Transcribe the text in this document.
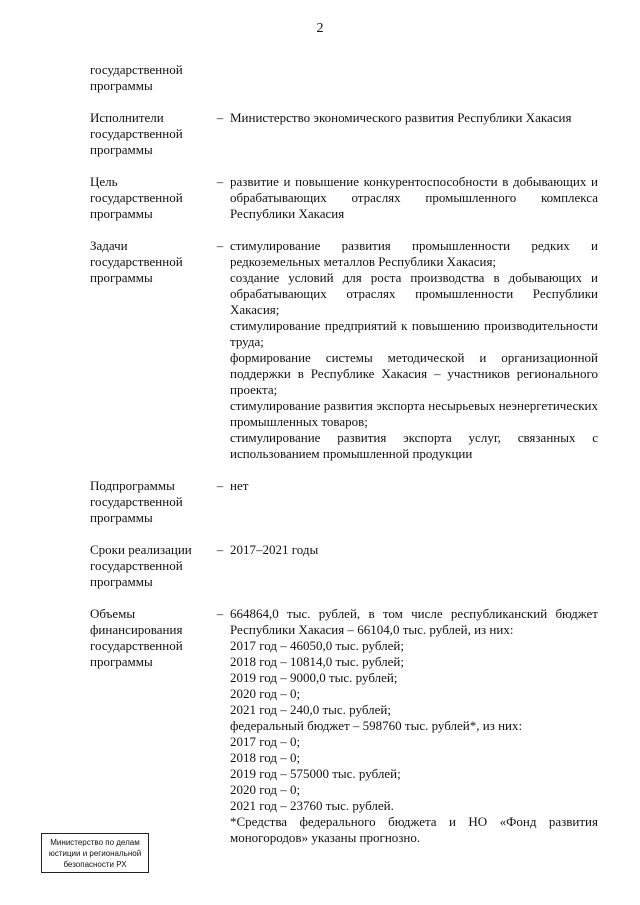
2
государственной
программы
Исполнители
государственной
программы
– Министерство экономического развития Республики Хакасия

Цель
государственной
программы
– развитие и повышение конкурентоспособности в добывающих и обрабатывающих отраслях промышленного комплекса Республики Хакасия

Задачи
государственной
программы
– стимулирование развития промышленности редких и редкоземельных металлов Республики Хакасия;

создание условий для роста производства в добывающих и обрабатывающих отраслях промышленности Республики Хакасия;

стимулирование предприятий к повышению производительности труда;

формирование системы методической и организационной поддержки в Республике Хакасия – участников регионального проекта;

стимулирование развития экспорта несырьевых неэнергетических промышленных товаров;

стимулирование развития экспорта услуг, связанных с использованием промышленной продукции

Подпрограммы
государственной
программы
– нет

Сроки реализации
государственной
программы
– 2017–2021 годы

Объемы
финансирования
государственной
программы
– 664864,0 тыс. рублей, в том числе республиканский бюджет Республики Хакасия – 66104,0 тыс. рублей, из них:

2017 год – 46050,0 тыс. рублей;

2018 год – 10814,0 тыс. рублей;

2019 год – 9000,0 тыс. рублей;

2020 год – 0;

2021 год – 240,0 тыс. рублей;

федеральный бюджет – 598760 тыс. рублей*, из них:

2017 год – 0;

2018 год – 0;

2019 год – 575000 тыс. рублей;

2020 год – 0;

2021 год – 23760 тыс. рублей.

*Средства федерального бюджета и НО «Фонд развития моногородов» указаны прогнозно.

Министерство по делам
юстиции и региональной
безопасности РХ
